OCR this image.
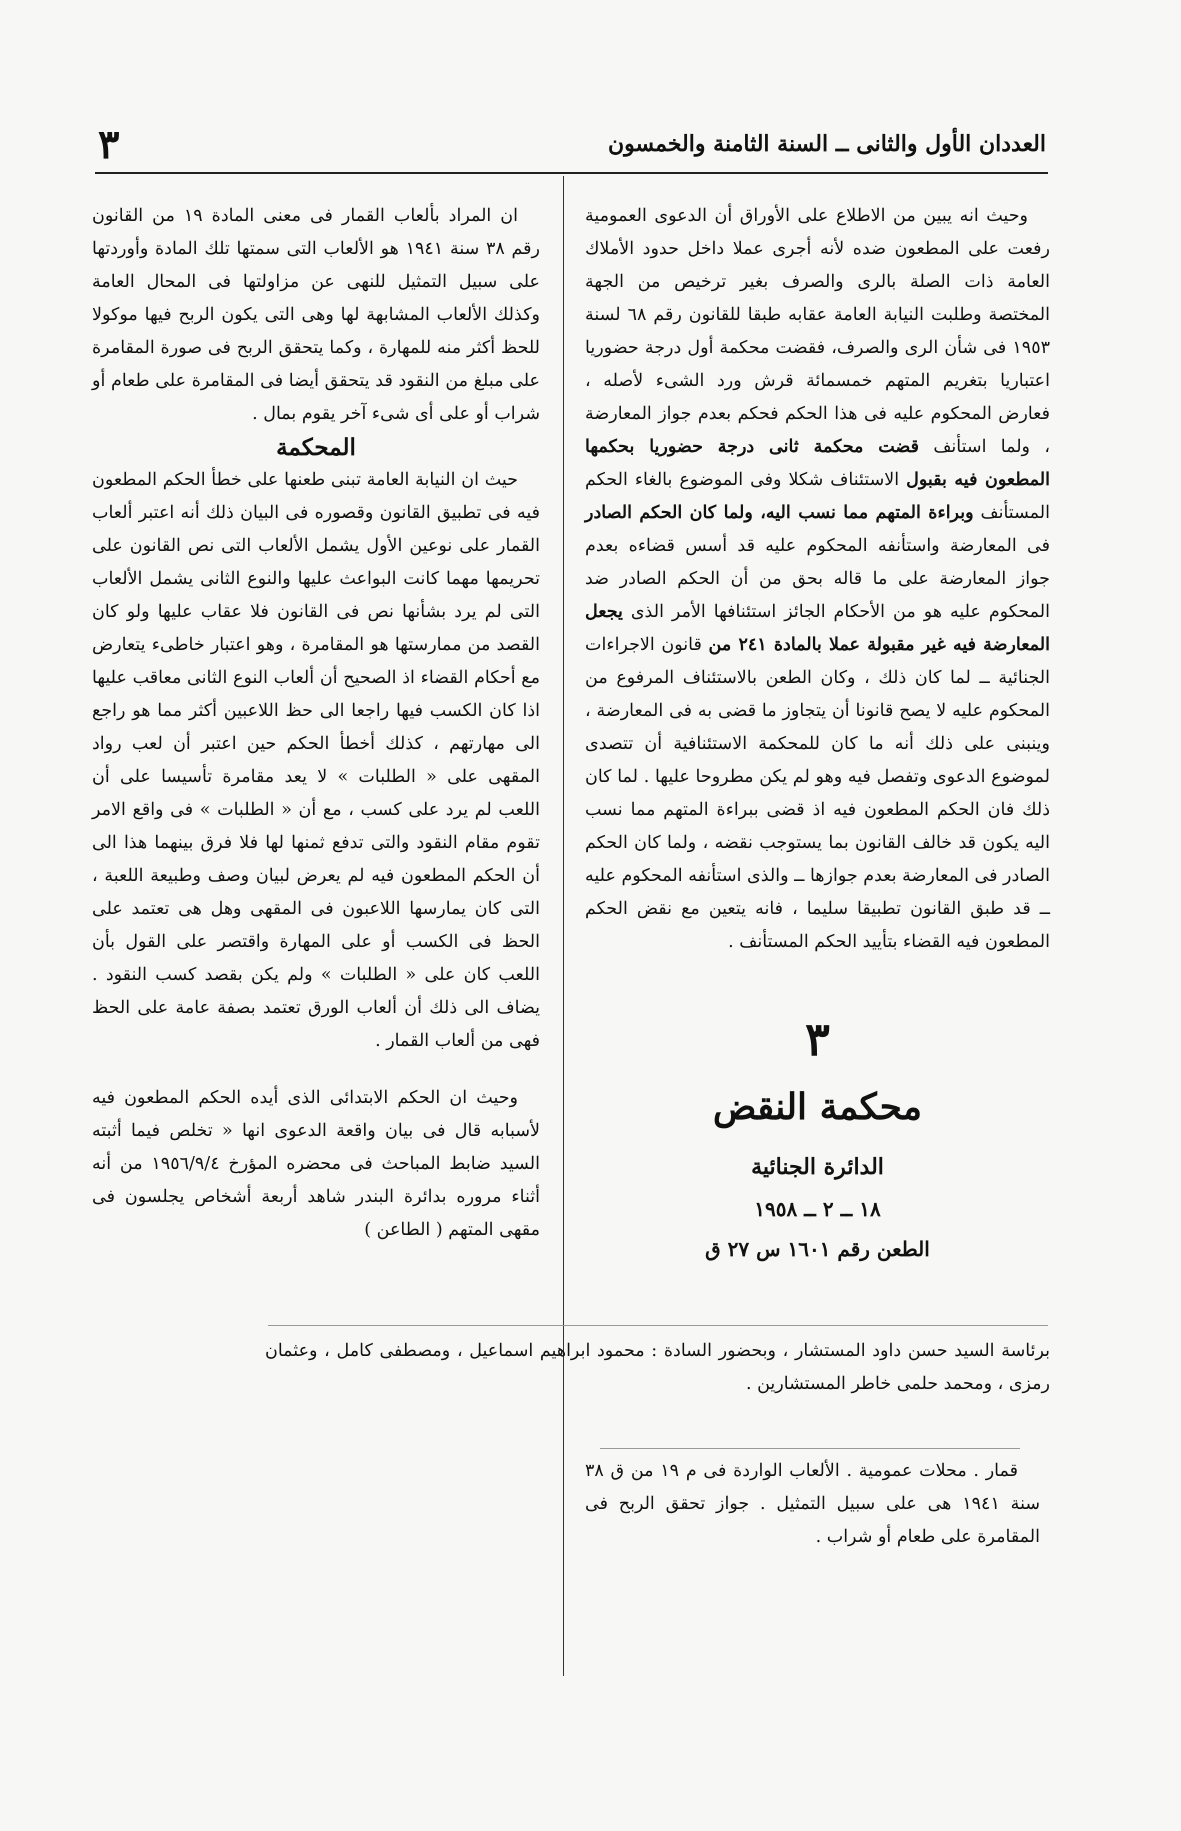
العددان الأول والثانى ــ السنة الثامنة والخمسون
٣

وحيث انه يبين من الاطلاع على الأوراق أن الدعوى العمومية رفعت على المطعون ضده لأنه أجرى عملا داخل حدود الأملاك العامة ذات الصلة بالرى والصرف بغير ترخيص من الجهة المختصة وطلبت النيابة العامة عقابه طبقا للقانون رقم ٦٨ لسنة ١٩٥٣ فى شأن الرى والصرف، فقضت محكمة أول درجة حضوريا اعتباريا بتغريم المتهم خمسمائة قرش ورد الشىء لأصله ، فعارض المحكوم عليه فى هذا الحكم فحكم بعدم جواز المعارضة ، ولما استأنف قضت محكمة ثانى درجة حضوريا بحكمها المطعون فيه بقبول الاستئناف شكلا وفى الموضوع بالغاء الحكم المستأنف وبراءة المتهم مما نسب اليه، ولما كان الحكم الصادر فى المعارضة واستأنفه المحكوم عليه قد أسس قضاءه بعدم جواز المعارضة على ما قاله بحق من أن الحكم الصادر ضد المحكوم عليه هو من الأحكام الجائز استئنافها الأمر الذى يجعل المعارضة فيه غير مقبولة عملا بالمادة ٢٤١ من قانون الاجراءات الجنائية ــ لما كان ذلك ، وكان الطعن بالاستئناف المرفوع من المحكوم عليه لا يصح قانونا أن يتجاوز ما قضى به فى المعارضة ، وينبنى على ذلك أنه ما كان للمحكمة الاستئنافية أن تتصدى لموضوع الدعوى وتفصل فيه وهو لم يكن مطروحا عليها . لما كان ذلك فان الحكم المطعون فيه اذ قضى ببراءة المتهم مما نسب اليه يكون قد خالف القانون بما يستوجب نقضه ، ولما كان الحكم الصادر فى المعارضة بعدم جوازها ــ والذى استأنفه المحكوم عليه ــ قد طبق القانون تطبيقا سليما ، فانه يتعين مع نقض الحكم المطعون فيه القضاء بتأييد الحكم المستأنف .

٣
محكمة النقض
الدائرة الجنائية
١٨ ــ ٢ ــ ١٩٥٨
الطعن رقم ١٦٠١ س ٢٧ ق

ان المراد بألعاب القمار فى معنى المادة ١٩ من القانون رقم ٣٨ سنة ١٩٤١ هو الألعاب التى سمتها تلك المادة وأوردتها على سبيل التمثيل للنهى عن مزاولتها فى المحال العامة وكذلك الألعاب المشابهة لها وهى التى يكون الربح فيها موكولا للحظ أكثر منه للمهارة ، وكما يتحقق الربح فى صورة المقامرة على مبلغ من النقود قد يتحقق أيضا فى المقامرة على طعام أو شراب أو على أى شىء آخر يقوم بمال .

المحكمة

حيث ان النيابة العامة تبنى طعنها على خطأ الحكم المطعون فيه فى تطبيق القانون وقصوره فى البيان ذلك أنه اعتبر ألعاب القمار على نوعين الأول يشمل الألعاب التى نص القانون على تحريمها مهما كانت البواعث عليها والنوع الثانى يشمل الألعاب التى لم يرد بشأنها نص فى القانون فلا عقاب عليها ولو كان القصد من ممارستها هو المقامرة ، وهو اعتبار خاطىء يتعارض مع أحكام القضاء اذ الصحيح أن ألعاب النوع الثانى معاقب عليها اذا كان الكسب فيها راجعا الى حظ اللاعبين أكثر مما هو راجع الى مهارتهم ، كذلك أخطأ الحكم حين اعتبر أن لعب رواد المقهى على « الطلبات » لا يعد مقامرة تأسيسا على أن اللعب لم يرد على كسب ، مع أن « الطلبات » فى واقع الامر تقوم مقام النقود والتى تدفع ثمنها لها فلا فرق بينهما هذا الى أن الحكم المطعون فيه لم يعرض لبيان وصف وطبيعة اللعبة ، التى كان يمارسها اللاعبون فى المقهى وهل هى تعتمد على الحظ فى الكسب أو على المهارة واقتصر على القول بأن اللعب كان على « الطلبات » ولم يكن بقصد كسب النقود . يضاف الى ذلك أن ألعاب الورق تعتمد بصفة عامة على الحظ فهى من ألعاب القمار .

وحيث ان الحكم الابتدائى الذى أيده الحكم المطعون فيه لأسبابه قال فى بيان واقعة الدعوى انها « تخلص فيما أثبته السيد ضابط المباحث فى محضره المؤرخ ١٩٥٦/٩/٤ من أنه أثناء مروره بدائرة البندر شاهد أربعة أشخاص يجلسون فى مقهى المتهم ( الطاعن )

برئاسة السيد حسن داود المستشار ، وبحضور السادة : محمود ابراهيم اسماعيل ، ومصطفى كامل ، وعثمان رمزى ، ومحمد حلمى خاطر المستشارين .

قمار . محلات عمومية . الألعاب الواردة فى م ١٩ من ق ٣٨ سنة ١٩٤١ هى على سبيل التمثيل . جواز تحقق الربح فى المقامرة على طعام أو شراب .
